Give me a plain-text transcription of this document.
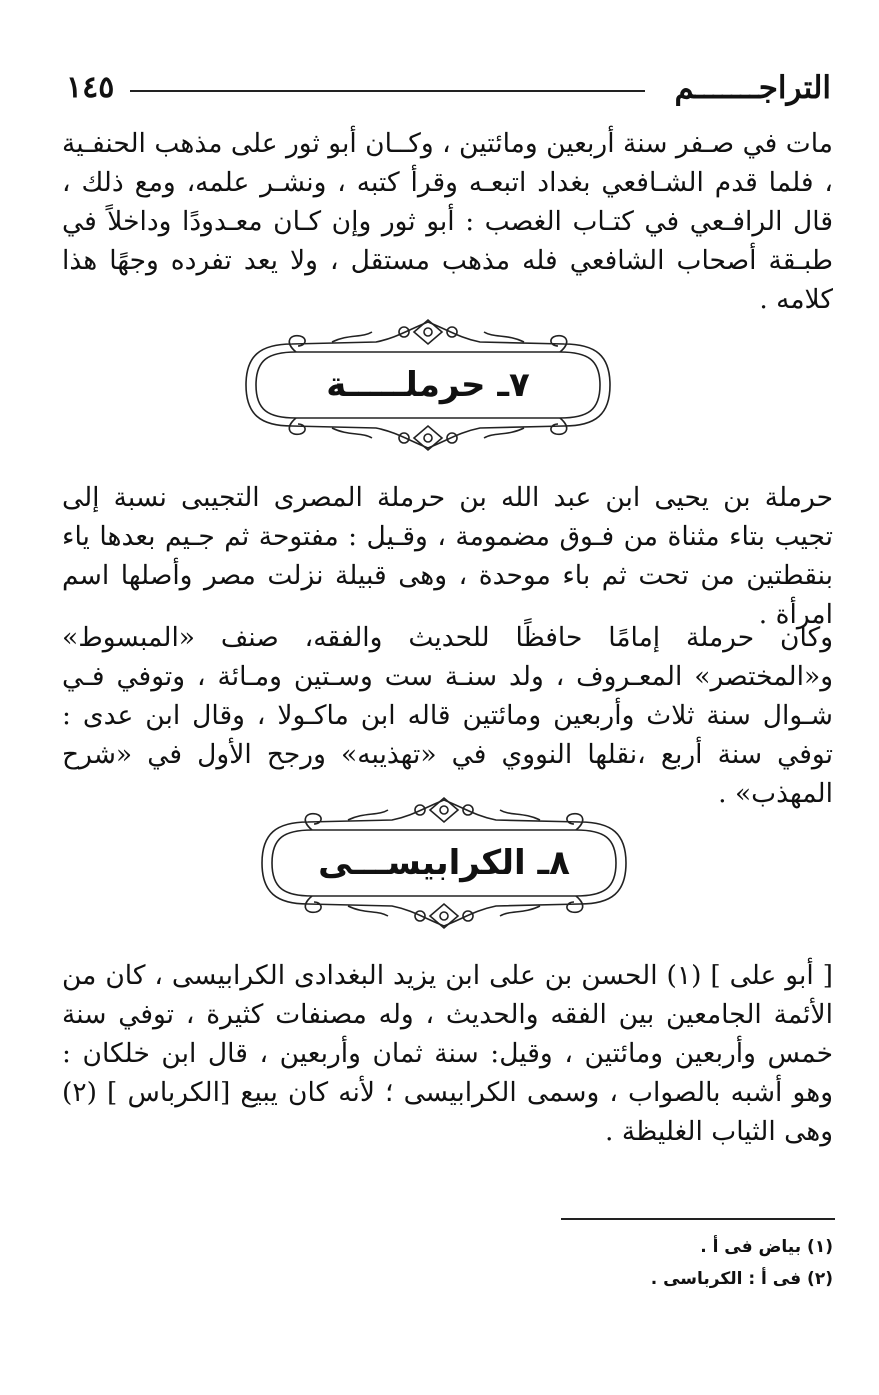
التراجـــــــم
١٤٥

مات في صـفر سنة أربعين ومائتين ، وكــان أبو ثور على مذهب الحنفـية ، فلما قدم الشـافعي بغداد اتبعـه وقرأ كتبه ، ونشـر علمه، ومع ذلك ، قال الرافـعي في كتـاب الغصب : أبو ثور وإن كـان معـدودًا وداخلاً في طبـقة أصحاب الشافعي فله مذهب مستقل ، ولا يعد تفرده وجهًا هذا كلامه .

٧ـ حرملـــــة

حرملة بن يحيى ابن عبد الله بن حرملة المصرى التجيبى نسبة إلى تجيب بتاء مثناة من فـوق مضمومة ، وقـيل : مفتوحة ثم جـيم بعدها ياء بنقطتين من تحت ثم باء موحدة ، وهى قبيلة نزلت مصر وأصلها اسم امرأة .

وكان حرملة إمامًا حافظًا للحديث والفقه، صنف «المبسوط» و«المختصر» المعـروف ، ولد سنـة ست وسـتين ومـائة ، وتوفي فـي شـوال سنة ثلاث وأربعين ومائتين قاله ابن ماكـولا ، وقال ابن عدى : توفي سنة أربع ،نقلها النووي في «تهذيبه» ورجح الأول في «شرح المهذب» .

٨ـ الكرابيســـى

[ أبو على ] (١) الحسن بن على ابن يزيد البغدادى الكرابيسى ، كان من الأئمة الجامعين بين الفقه والحديث ، وله مصنفات كثيرة ، توفي سنة خمس وأربعين ومائتين ، وقيل: سنة ثمان وأربعين ، قال ابن خلكان : وهو أشبه بالصواب ، وسمى الكرابيسى ؛ لأنه كان يبيع [الكرباس ] (٢) وهى الثياب الغليظة .

(١) بياض فى أ .

(٢) فى أ : الكرباسى .
